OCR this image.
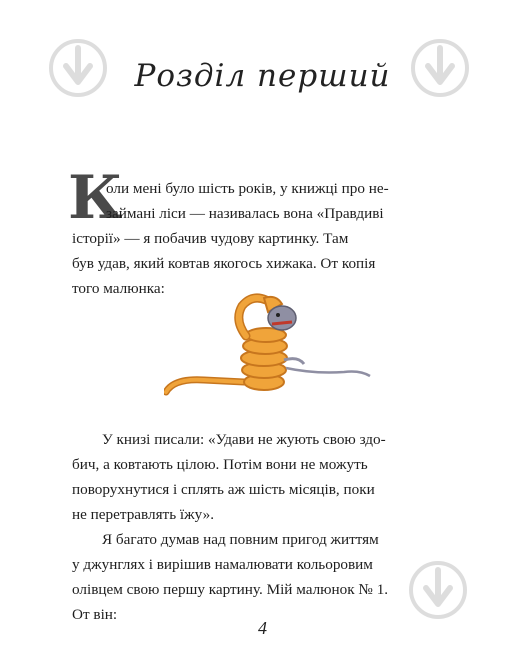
Розділ перший
К
оли мені було шість років, у книжці про не-
займані ліси — називалась вона «Правдиві
історії» — я побачив чудову картинку. Там
був удав, який ковтав якогось хижака. От копія
того малюнка:
У книзі писали: «Удави не жують свою здо-
бич, а ковтають цілою. Потім вони не можуть
поворухнутися і сплять аж шість місяців, поки
не перетравлять їжу».
Я багато думав над повним пригод життям
у джунглях і вирішив намалювати кольоровим
олівцем свою першу картину. Мій малюнок № 1.
От він:
4
